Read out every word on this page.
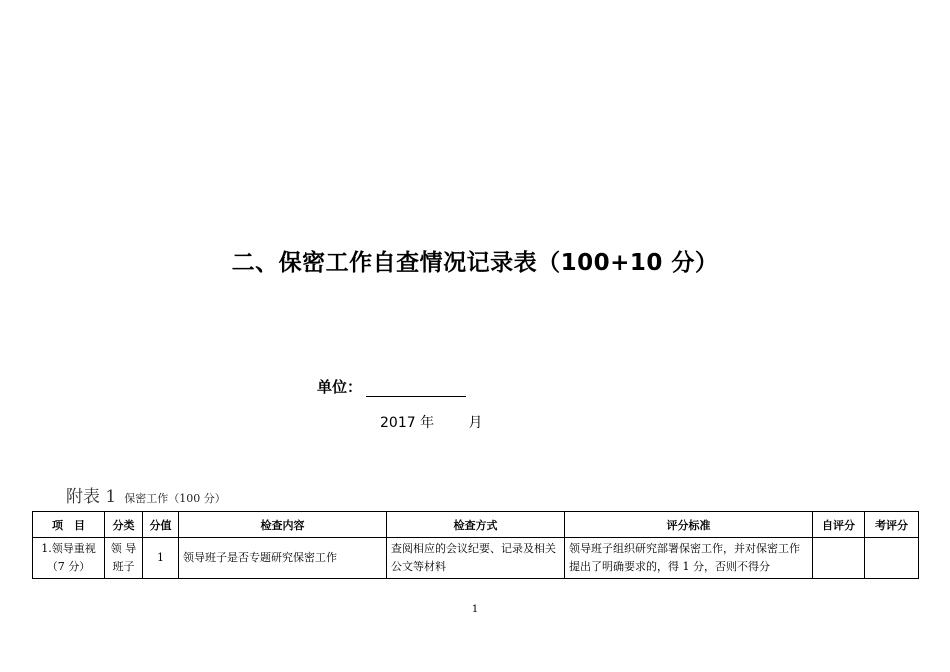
二、保密工作自查情况记录表（100+10 分）
单位：
2017 年 月
附表 1 保密工作（100 分）
项　目	分类	分值	检查内容	检查方式	评分标准	自评分	考评分
1.领导重视（7 分）	领 导班子	1	领导班子是否专题研究保密工作	查阅相应的会议纪要、记录及相关公文等材料	领导班子组织研究部署保密工作，并对保密工作提出了明确要求的，得 1 分，否则不得分		
1
